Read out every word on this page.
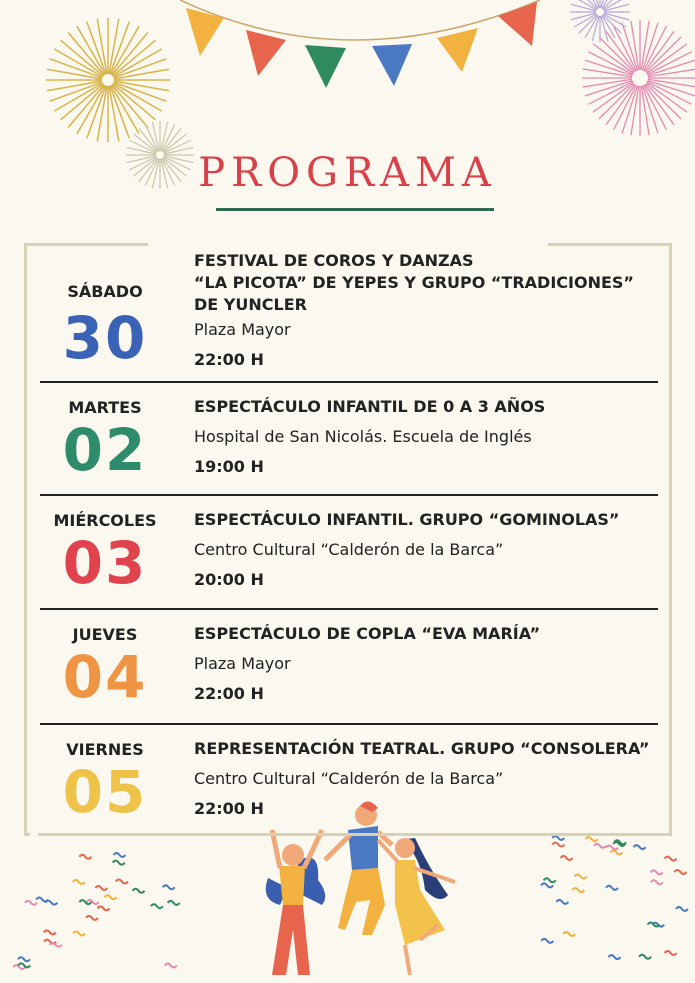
PROGRAMA
SÁBADO
30
FESTIVAL DE COROS Y DANZAS
“LA PICOTA” DE YEPES Y GRUPO “TRADICIONES”
DE YUNCLER
Plaza Mayor
22:00 H
MARTES
02
ESPECTÁCULO INFANTIL DE 0 A 3 AÑOS
Hospital de San Nicolás. Escuela de Inglés
19:00 H
MIÉRCOLES
03
ESPECTÁCULO INFANTIL. GRUPO “GOMINOLAS”
Centro Cultural “Calderón de la Barca”
20:00 H
JUEVES
04
ESPECTÁCULO DE COPLA “EVA MARÍA”
Plaza Mayor
22:00 H
VIERNES
05
REPRESENTACIÓN TEATRAL. GRUPO “CONSOLERA”
Centro Cultural “Calderón de la Barca”
22:00 H
